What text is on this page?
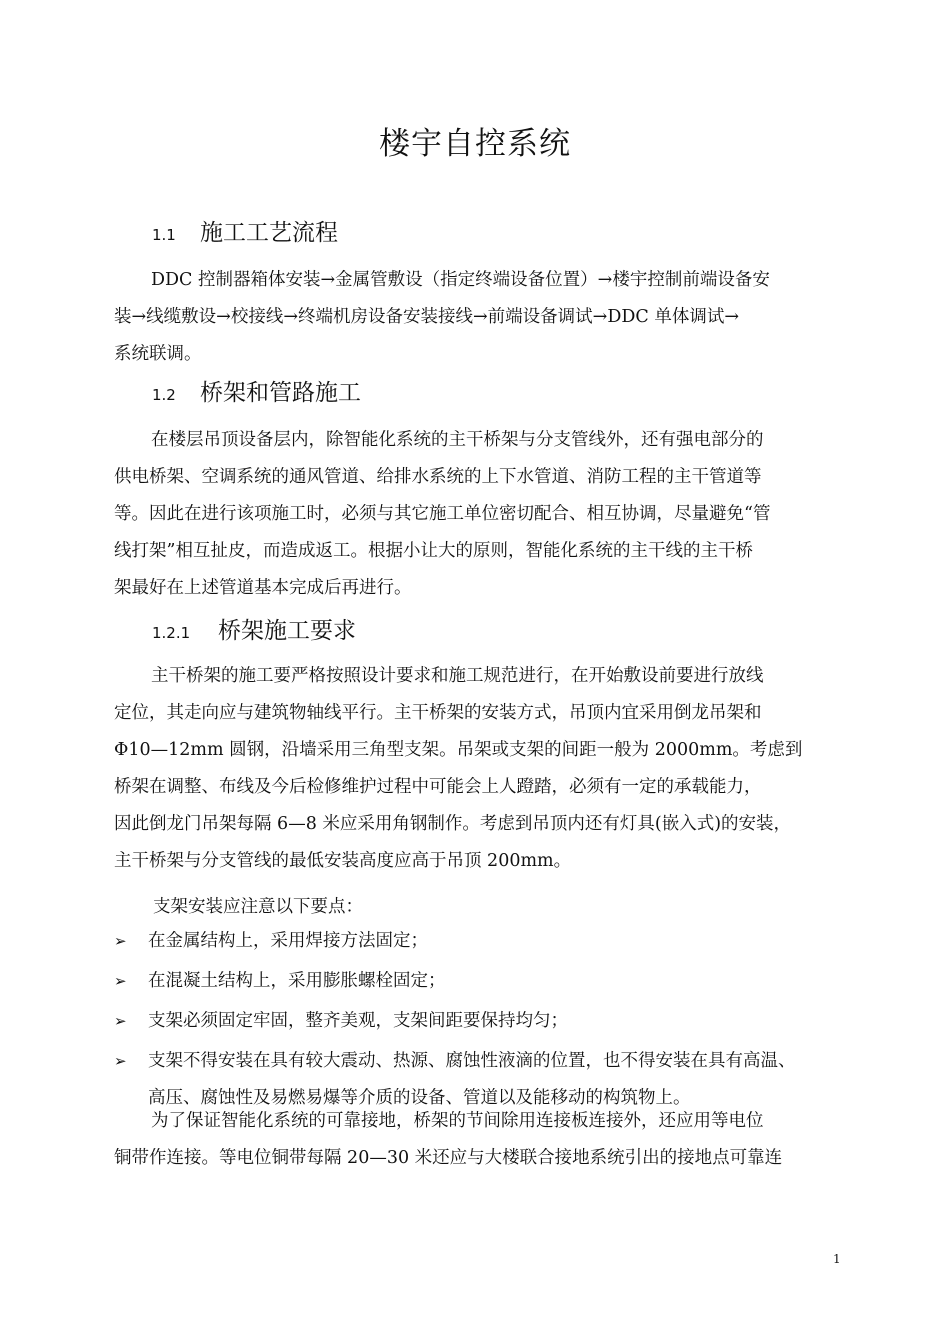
楼宇自控系统
1.1 施工工艺流程

DDC 控制器箱体安装→金属管敷设（指定终端设备位置）→楼宇控制前端设备安
装→线缆敷设→校接线→终端机房设备安装接线→前端设备调试→DDC 单体调试→
系统联调。

1.2 桥架和管路施工

在楼层吊顶设备层内，除智能化系统的主干桥架与分支管线外，还有强电部分的
供电桥架、空调系统的通风管道、给排水系统的上下水管道、消防工程的主干管道等
等。因此在进行该项施工时，必须与其它施工单位密切配合、相互协调，尽量避免“管
线打架”相互扯皮，而造成返工。根据小让大的原则，智能化系统的主干线的主干桥
架最好在上述管道基本完成后再进行。

1.2.1 桥架施工要求

主干桥架的施工要严格按照设计要求和施工规范进行，在开始敷设前要进行放线
定位，其走向应与建筑物轴线平行。主干桥架的安装方式，吊顶内宜采用倒龙吊架和
Φ10—12mm 圆钢，沿墙采用三角型支架。吊架或支架的间距一般为 2000mm。考虑到
桥架在调整、布线及今后检修维护过程中可能会上人蹬踏，必须有一定的承载能力，
因此倒龙门吊架每隔 6—8 米应采用角钢制作。考虑到吊顶内还有灯具(嵌入式)的安装，
主干桥架与分支管线的最低安装高度应高于吊顶 200mm。

支架安装应注意以下要点：

➢	在金属结构上，采用焊接方法固定；
➢	在混凝土结构上，采用膨胀螺栓固定；
➢	支架必须固定牢固，整齐美观，支架间距要保持均匀；
➢	支架不得安装在具有较大震动、热源、腐蚀性液滴的位置，也不得安装在具有高温、
高压、腐蚀性及易燃易爆等介质的设备、管道以及能移动的构筑物上。

为了保证智能化系统的可靠接地，桥架的节间除用连接板连接外，还应用等电位
铜带作连接。等电位铜带每隔 20—30 米还应与大楼联合接地系统引出的接地点可靠连

1
